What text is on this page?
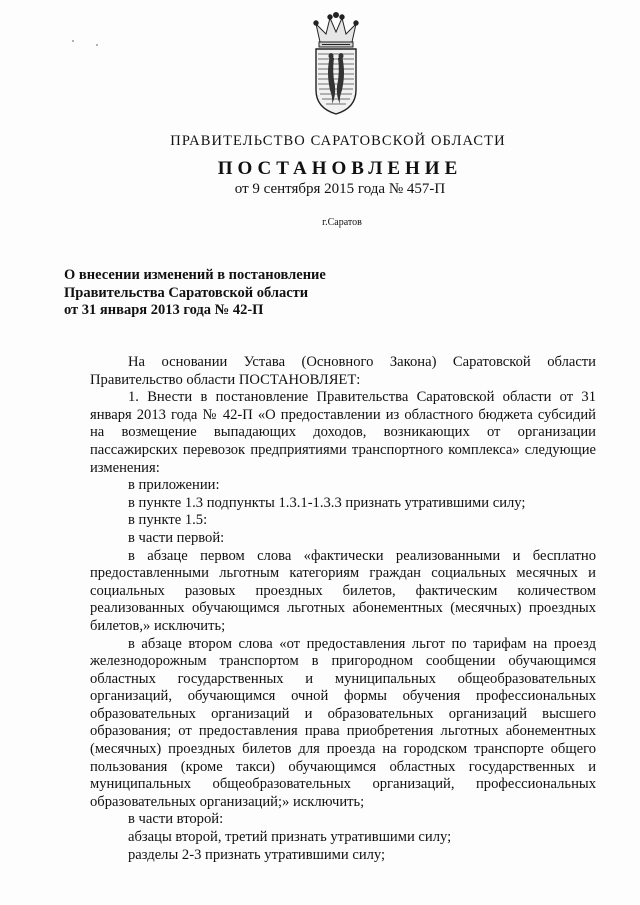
ПРАВИТЕЛЬСТВО САРАТОВСКОЙ ОБЛАСТИ
ПОСТАНОВЛЕНИЕ
от 9 сентября 2015 года № 457-П
г.Саратов
О внесении изменений в постановление
Правительства Саратовской области
от 31 января 2013 года № 42-П

На основании Устава (Основного Закона) Саратовской области Правительство области ПОСТАНОВЛЯЕТ:

1. Внести в постановление Правительства Саратовской области от 31 января 2013 года № 42-П «О предоставлении из областного бюджета субсидий на возмещение выпадающих доходов, возникающих от организации пассажирских перевозок предприятиями транспортного комплекса» следующие изменения:

в приложении:

в пункте 1.3 подпункты 1.3.1-1.3.3 признать утратившими силу;

в пункте 1.5:

в части первой:

в абзаце первом слова «фактически реализованными и бесплатно предоставленными льготным категориям граждан социальных месячных и социальных разовых проездных билетов, фактическим количеством реализованных обучающимся льготных абонементных (месячных) проездных билетов,» исключить;

в абзаце втором слова «от предоставления льгот по тарифам на проезд железнодорожным транспортом в пригородном сообщении обучающимся областных государственных и муниципальных общеобразовательных организаций, обучающимся очной формы обучения профессиональных образовательных организаций и образовательных организаций высшего образования; от предоставления права приобретения льготных абонементных (месячных) проездных билетов для проезда на городском транспорте общего пользования (кроме такси) обучающимся областных государственных и муниципальных общеобразовательных организаций, профессиональных образовательных организаций;» исключить;

в части второй:

абзацы второй, третий признать утратившими силу;

разделы 2-3 признать утратившими силу;
